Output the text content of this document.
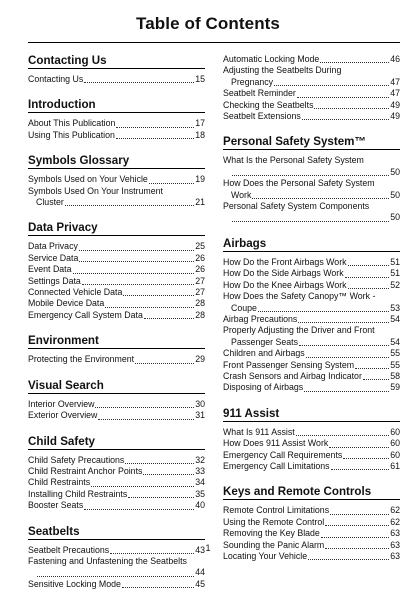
Table of Contents
Contacting Us
Contacting Us	15
Introduction
About This Publication	17
Using This Publication	18
Symbols Glossary
Symbols Used on Your Vehicle	19
Symbols Used On Your Instrument
Cluster	21
Data Privacy
Data Privacy	25
Service Data	26
Event Data	26
Settings Data	27
Connected Vehicle Data	27
Mobile Device Data	28
Emergency Call System Data	28
Environment
Protecting the Environment	29
Visual Search
Interior Overview	30
Exterior Overview	31
Child Safety
Child Safety Precautions	32
Child Restraint Anchor Points	33
Child Restraints	34
Installing Child Restraints	35
Booster Seats	40
Seatbelts
Seatbelt Precautions	43
Fastening and Unfastening the Seatbelts
44
Sensitive Locking Mode	45
Automatic Locking Mode	46
Adjusting the Seatbelts During
Pregnancy	47
Seatbelt Reminder	47
Checking the Seatbelts	49
Seatbelt Extensions	49
Personal Safety System™
What Is the Personal Safety System
50
How Does the Personal Safety System
Work	50
Personal Safety System Components
50
Airbags
How Do the Front Airbags Work	51
How Do the Side Airbags Work	51
How Do the Knee Airbags Work	52
How Does the Safety Canopy™ Work -
Coupe	53
Airbag Precautions	54
Properly Adjusting the Driver and Front
Passenger Seats	54
Children and Airbags	55
Front Passenger Sensing System	55
Crash Sensors and Airbag Indicator	58
Disposing of Airbags	59
911 Assist
What Is 911 Assist	60
How Does 911 Assist Work	60
Emergency Call Requirements	60
Emergency Call Limitations	61
Keys and Remote Controls
Remote Control Limitations	62
Using the Remote Control	62
Removing the Key Blade	63
Sounding the Panic Alarm	63
Locating Your Vehicle	63
1
